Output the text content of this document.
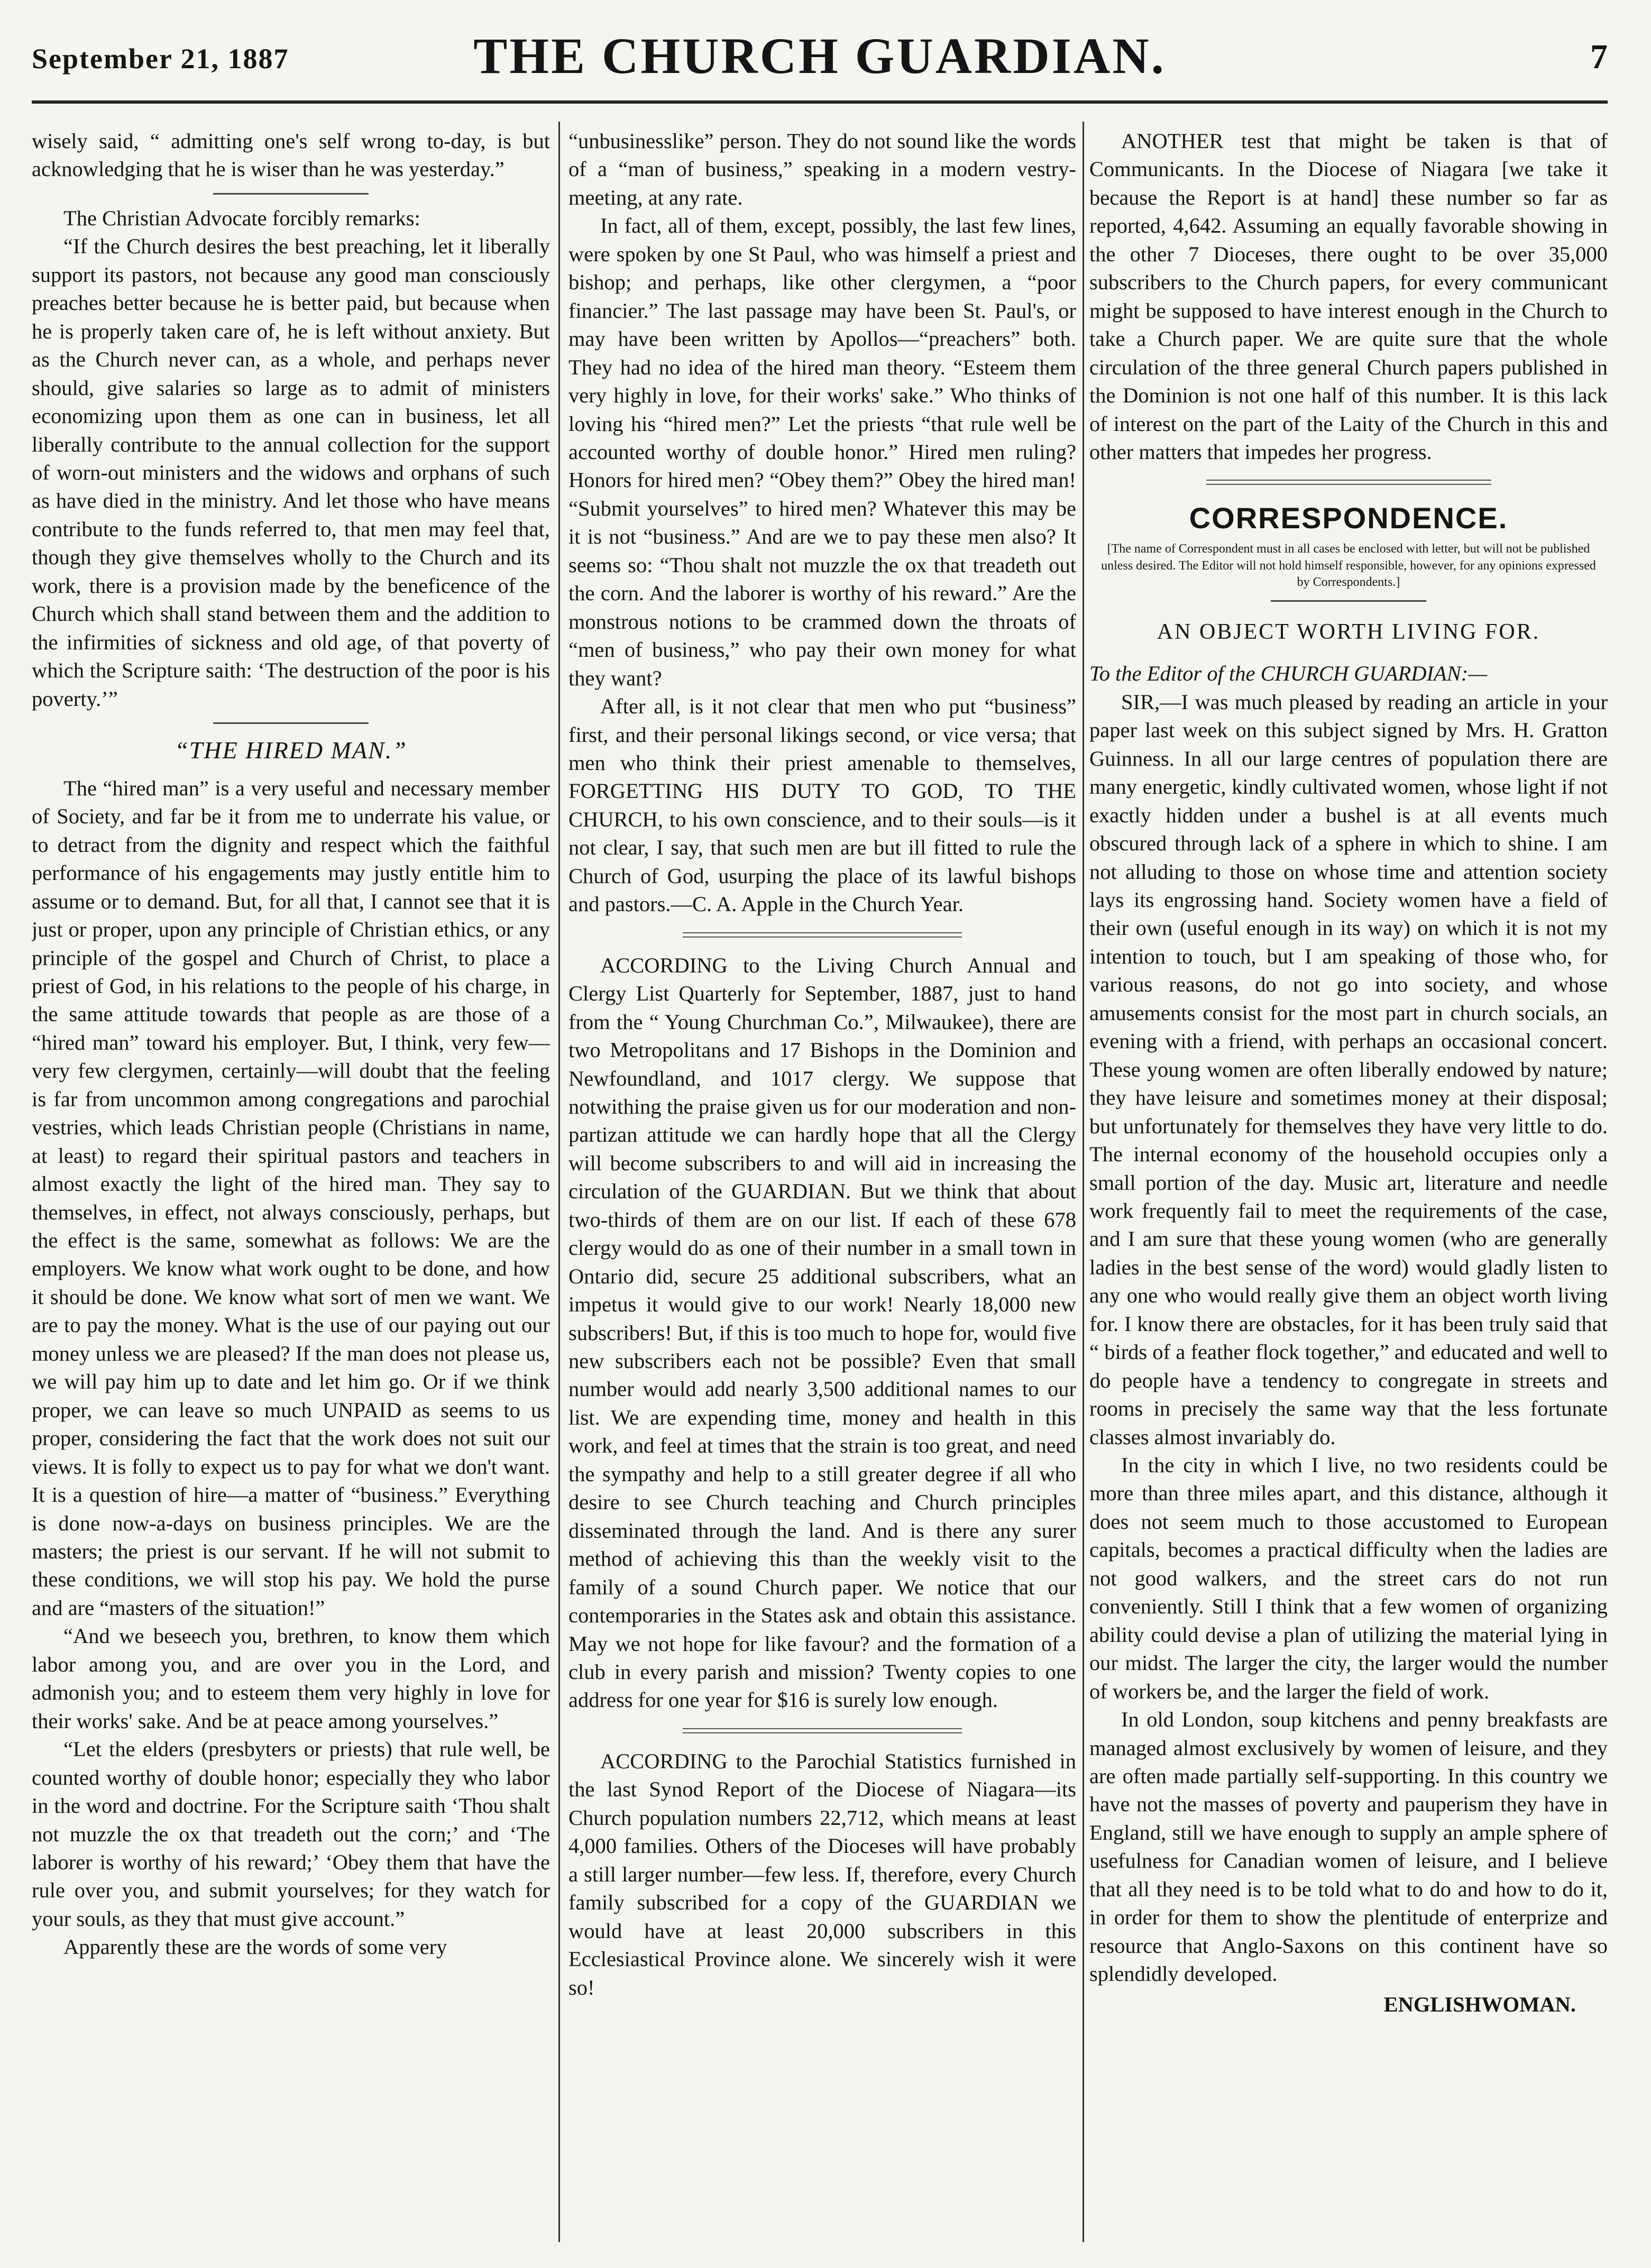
September 21, 1887	THE CHURCH GUARDIAN.	7

wisely said, “ admitting one's self wrong to-day, is but acknowledging that he is wiser than he was yesterday.”

The Christian Advocate forcibly remarks:

“If the Church desires the best preaching, let it liberally support its pastors, not because any good man consciously preaches better because he is better paid, but because when he is properly taken care of, he is left without anxiety. But as the Church never can, as a whole, and perhaps never should, give salaries so large as to admit of ministers economizing upon them as one can in business, let all liberally contribute to the annual collection for the support of worn-out ministers and the widows and orphans of such as have died in the ministry. And let those who have means contribute to the funds referred to, that men may feel that, though they give themselves wholly to the Church and its work, there is a provision made by the beneficence of the Church which shall stand between them and the addition to the infirmities of sickness and old age, of that poverty of which the Scripture saith: ‘The destruction of the poor is his poverty.’”

“THE HIRED MAN.”

The “hired man” is a very useful and necessary member of Society, and far be it from me to underrate his value, or to detract from the dignity and respect which the faithful performance of his engagements may justly entitle him to assume or to demand. But, for all that, I cannot see that it is just or proper, upon any principle of Christian ethics, or any principle of the gospel and Church of Christ, to place a priest of God, in his relations to the people of his charge, in the same attitude towards that people as are those of a “hired man” toward his employer. But, I think, very few—very few clergymen, certainly—will doubt that the feeling is far from uncommon among congregations and parochial vestries, which leads Christian people (Christians in name, at least) to regard their spiritual pastors and teachers in almost exactly the light of the hired man. They say to themselves, in effect, not always consciously, perhaps, but the effect is the same, somewhat as follows: We are the employers. We know what work ought to be done, and how it should be done. We know what sort of men we want. We are to pay the money. What is the use of our paying out our money unless we are pleased? If the man does not please us, we will pay him up to date and let him go. Or if we think proper, we can leave so much UNPAID as seems to us proper, considering the fact that the work does not suit our views. It is folly to expect us to pay for what we don't want. It is a question of hire—a matter of “business.” Everything is done now-a-days on business principles. We are the masters; the priest is our servant. If he will not submit to these conditions, we will stop his pay. We hold the purse and are “masters of the situation!”

“And we beseech you, brethren, to know them which labor among you, and are over you in the Lord, and admonish you; and to esteem them very highly in love for their works' sake. And be at peace among yourselves.”

“Let the elders (presbyters or priests) that rule well, be counted worthy of double honor; especially they who labor in the word and doctrine. For the Scripture saith ‘Thou shalt not muzzle the ox that treadeth out the corn;’ and ‘The laborer is worthy of his reward;’ ‘Obey them that have the rule over you, and submit yourselves; for they watch for your souls, as they that must give account.”

Apparently these are the words of some very

“unbusinesslike” person. They do not sound like the words of a “man of business,” speaking in a modern vestry-meeting, at any rate.

In fact, all of them, except, possibly, the last few lines, were spoken by one St Paul, who was himself a priest and bishop; and perhaps, like other clergymen, a “poor financier.” The last passage may have been St. Paul's, or may have been written by Apollos—“preachers” both. They had no idea of the hired man theory. “Esteem them very highly in love, for their works' sake.” Who thinks of loving his “hired men?” Let the priests “that rule well be accounted worthy of double honor.” Hired men ruling? Honors for hired men? “Obey them?” Obey the hired man! “Submit yourselves” to hired men? Whatever this may be it is not “business.” And are we to pay these men also? It seems so: “Thou shalt not muzzle the ox that treadeth out the corn. And the laborer is worthy of his reward.” Are the monstrous notions to be crammed down the throats of “men of business,” who pay their own money for what they want?

After all, is it not clear that men who put “business” first, and their personal likings second, or vice versa; that men who think their priest amenable to themselves, FORGETTING HIS DUTY TO GOD, TO THE CHURCH, to his own conscience, and to their souls—is it not clear, I say, that such men are but ill fitted to rule the Church of God, usurping the place of its lawful bishops and pastors.—C. A. Apple in the Church Year.

ACCORDING to the Living Church Annual and Clergy List Quarterly for September, 1887, just to hand from the “ Young Churchman Co.”, Milwaukee), there are two Metropolitans and 17 Bishops in the Dominion and Newfoundland, and 1017 clergy. We suppose that notwithing the praise given us for our moderation and non-partizan attitude we can hardly hope that all the Clergy will become subscribers to and will aid in increasing the circulation of the GUARDIAN. But we think that about two-thirds of them are on our list. If each of these 678 clergy would do as one of their number in a small town in Ontario did, secure 25 additional subscribers, what an impetus it would give to our work! Nearly 18,000 new subscribers! But, if this is too much to hope for, would five new subscribers each not be possible? Even that small number would add nearly 3,500 additional names to our list. We are expending time, money and health in this work, and feel at times that the strain is too great, and need the sympathy and help to a still greater degree if all who desire to see Church teaching and Church principles disseminated through the land. And is there any surer method of achieving this than the weekly visit to the family of a sound Church paper. We notice that our contemporaries in the States ask and obtain this assistance. May we not hope for like favour? and the formation of a club in every parish and mission? Twenty copies to one address for one year for $16 is surely low enough.

ACCORDING to the Parochial Statistics furnished in the last Synod Report of the Diocese of Niagara—its Church population numbers 22,712, which means at least 4,000 families. Others of the Dioceses will have probably a still larger number—few less. If, therefore, every Church family subscribed for a copy of the GUARDIAN we would have at least 20,000 subscribers in this Ecclesiastical Province alone. We sincerely wish it were so!

ANOTHER test that might be taken is that of Communicants. In the Diocese of Niagara [we take it because the Report is at hand] these number so far as reported, 4,642. Assuming an equally favorable showing in the other 7 Dioceses, there ought to be over 35,000 subscribers to the Church papers, for every communicant might be supposed to have interest enough in the Church to take a Church paper. We are quite sure that the whole circulation of the three general Church papers published in the Dominion is not one half of this number. It is this lack of interest on the part of the Laity of the Church in this and other matters that impedes her progress.

CORRESPONDENCE.
[The name of Correspondent must in all cases be enclosed with letter, but will not be published unless desired. The Editor will not hold himself responsible, however, for any opinions expressed by Correspondents.]
AN OBJECT WORTH LIVING FOR.

To the Editor of the CHURCH GUARDIAN:—

SIR,—I was much pleased by reading an article in your paper last week on this subject signed by Mrs. H. Gratton Guinness. In all our large centres of population there are many energetic, kindly cultivated women, whose light if not exactly hidden under a bushel is at all events much obscured through lack of a sphere in which to shine. I am not alluding to those on whose time and attention society lays its engrossing hand. Society women have a field of their own (useful enough in its way) on which it is not my intention to touch, but I am speaking of those who, for various reasons, do not go into society, and whose amusements consist for the most part in church socials, an evening with a friend, with perhaps an occasional concert. These young women are often liberally endowed by nature; they have leisure and sometimes money at their disposal; but unfortunately for themselves they have very little to do. The internal economy of the household occupies only a small portion of the day. Music art, literature and needle work frequently fail to meet the requirements of the case, and I am sure that these young women (who are generally ladies in the best sense of the word) would gladly listen to any one who would really give them an object worth living for. I know there are obstacles, for it has been truly said that “ birds of a feather flock together,” and educated and well to do people have a tendency to congregate in streets and rooms in precisely the same way that the less fortunate classes almost invariably do.

In the city in which I live, no two residents could be more than three miles apart, and this distance, although it does not seem much to those accustomed to European capitals, becomes a practical difficulty when the ladies are not good walkers, and the street cars do not run conveniently. Still I think that a few women of organizing ability could devise a plan of utilizing the material lying in our midst. The larger the city, the larger would the number of workers be, and the larger the field of work.

In old London, soup kitchens and penny breakfasts are managed almost exclusively by women of leisure, and they are often made partially self-supporting. In this country we have not the masses of poverty and pauperism they have in England, still we have enough to supply an ample sphere of usefulness for Canadian women of leisure, and I believe that all they need is to be told what to do and how to do it, in order for them to show the plentitude of enterprize and resource that Anglo-Saxons on this continent have so splendidly developed.

ENGLISHWOMAN.
